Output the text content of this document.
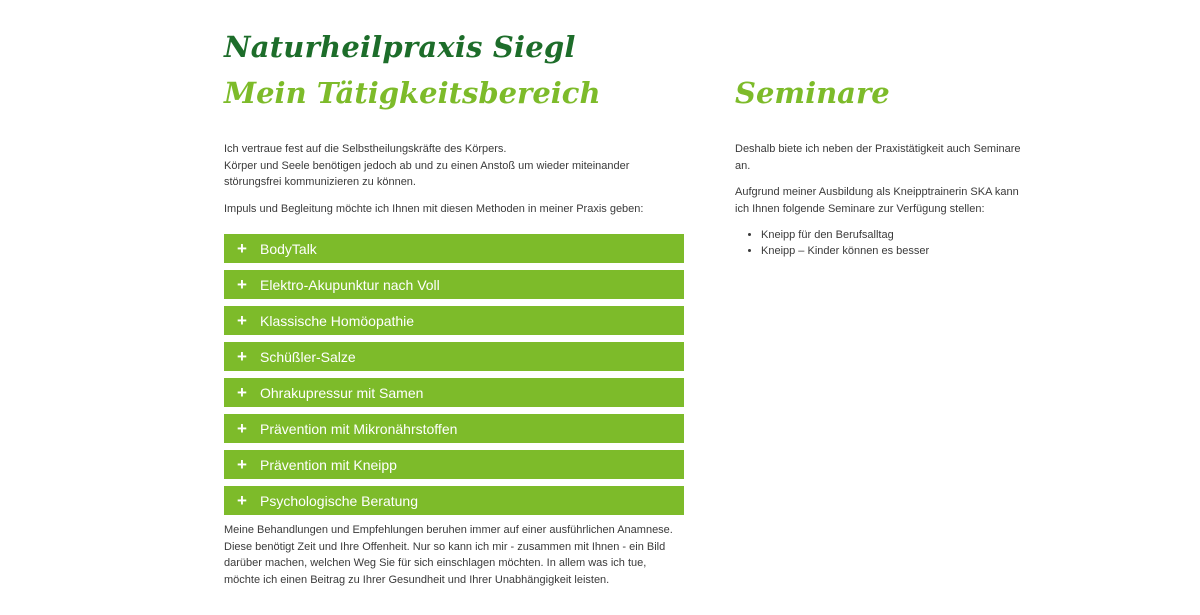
Naturheilpraxis Siegl
Mein Tätigkeitsbereich	Seminare

Ich vertraue fest auf die Selbstheilungskräfte des Körpers.
Körper und Seele benötigen jedoch ab und zu einen Anstoß um wieder miteinander störungsfrei kommunizieren zu können.

Impuls und Begleitung möchte ich Ihnen mit diesen Methoden in meiner Praxis geben:

+ BodyTalk
+ Elektro-Akupunktur nach Voll
+ Klassische Homöopathie
+ Schüßler-Salze
+ Ohrakupressur mit Samen
+ Prävention mit Mikronährstoffen
+ Prävention mit Kneipp
+ Psychologische Beratung

Meine Behandlungen und Empfehlungen beruhen immer auf einer ausführlichen Anamnese. Diese benötigt Zeit und Ihre Offenheit. Nur so kann ich mir - zusammen mit Ihnen - ein Bild darüber machen, welchen Weg Sie für sich einschlagen möchten. In allem was ich tue, möchte ich einen Beitrag zu Ihrer Gesundheit und Ihrer Unabhängigkeit leisten.

Deshalb biete ich neben der Praxistätigkeit auch Seminare an.

Aufgrund meiner Ausbildung als Kneipptrainerin SKA kann ich Ihnen folgende Seminare zur Verfügung stellen:

• Kneipp für den Berufsalltag
• Kneipp – Kinder können es besser
